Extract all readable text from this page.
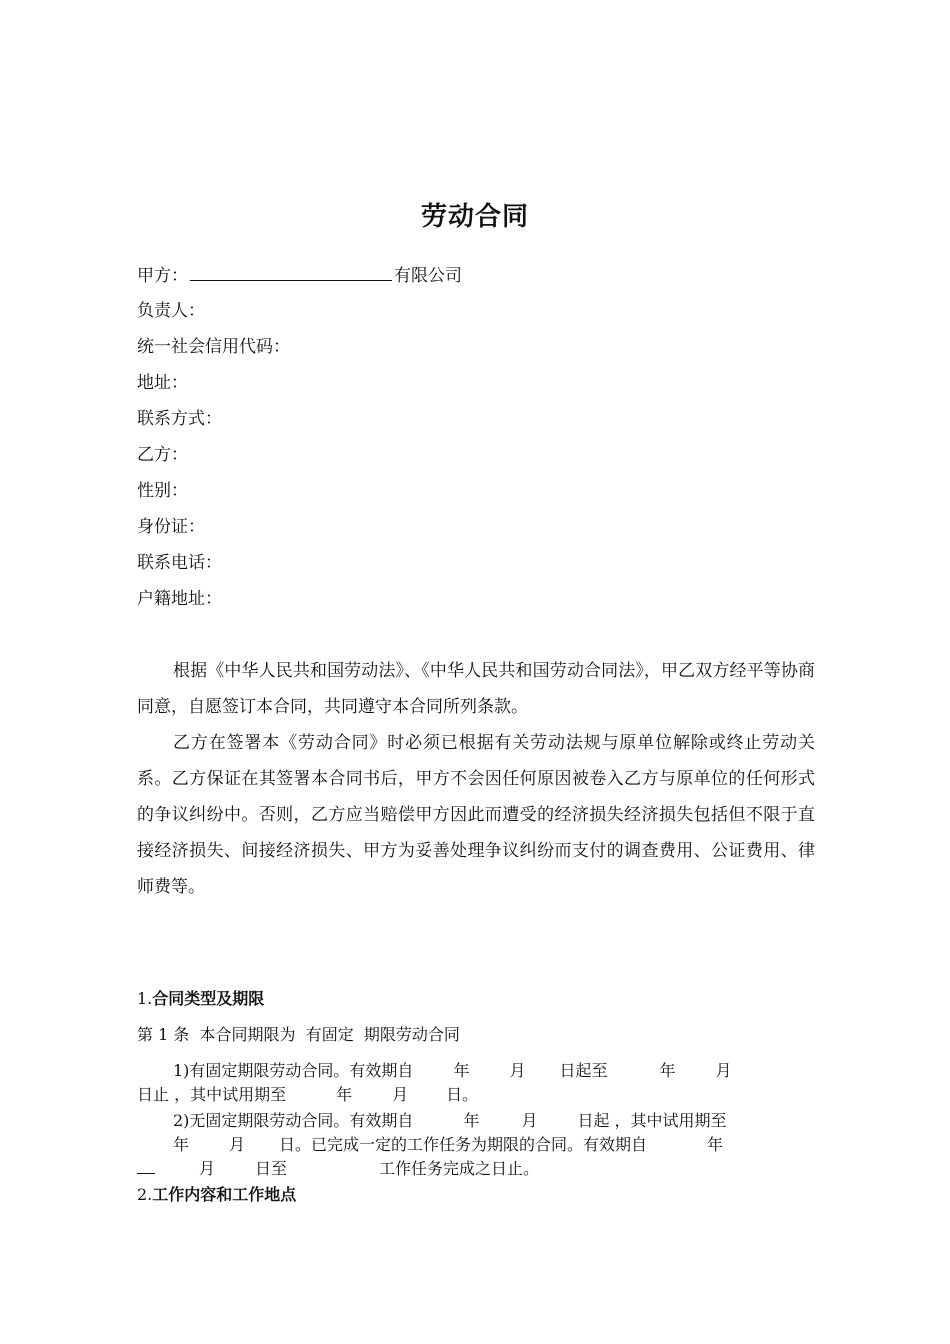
劳动合同
甲方：	有限公司
负责人：
统一社会信用代码：
地址：
联系方式：
乙方：
性别：
身份证：
联系电话：
户籍地址：
根据《中华人民共和国劳动法》、《中华人民共和国劳动合同法》，甲乙双方经平等协商同意，自愿签订本合同，共同遵守本合同所列条款。
乙方在签署本《劳动合同》时必须已根据有关劳动法规与原单位解除或终止劳动关系。乙方保证在其签署本合同书后，甲方不会因任何原因被卷入乙方与原单位的任何形式的争议纠纷中。否则，乙方应当赔偿甲方因此而遭受的经济损失经济损失包括但不限于直接经济损失、间接经济损失、甲方为妥善处理争议纠纷而支付的调查费用、公证费用、律师费等。
1.合同类型及期限
第 1 条  本合同期限为  有固定  期限劳动合同
1)有固定期限劳动合同。有效期自	年	月 日起至	年	月
日止 ，其中试用期至	年	月 日。
2)无固定期限劳动合同。有效期自	年	月	日起 ，其中试用期至
年	月 日。已完成一定的工作任务为期限的合同。有效期自	年
月	日至	工作任务完成之日止。
2.工作内容和工作地点
